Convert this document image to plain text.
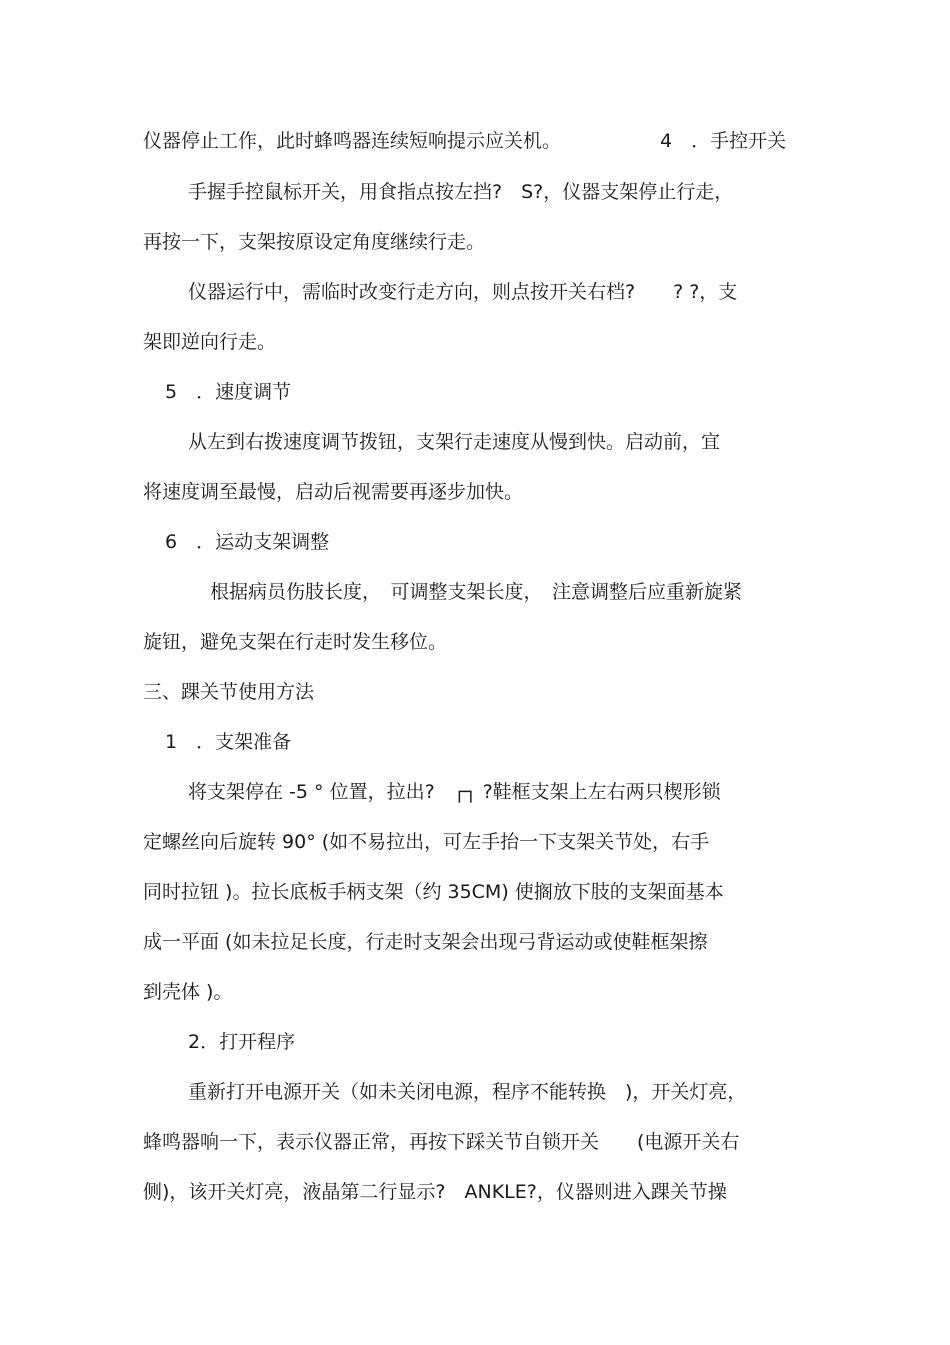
仪器停止工作，此时蜂鸣器连续短响提示应关机。	4　．手控开关

手握手控鼠标开关，用食指点按左挡?　S?，仪器支架停止行走，

再按一下，支架按原设定角度继续行走。

仪器运行中，需临时改变行走方向，则点按开关右档?　　? ?，支

架即逆向行走。

5　．速度调节

从左到右拨速度调节拨钮，支架行走速度从慢到快。启动前，宜

将速度调至最慢，启动后视需要再逐步加快。

6　．运动支架调整

根据病员伤肢长度，　可调整支架长度，　注意调整后应重新旋紧

旋钮，避免支架在行走时发生移位。

三、踝关节使用方法

1　．支架准备

将支架停在 -5 ° 位置，拉出?　┌┐ ?鞋框支架上左右两只楔形锁

定螺丝向后旋转 90° (如不易拉出，可左手抬一下支架关节处，右手

同时拉钮 )。拉长底板手柄支架（约 35CM) 使搁放下肢的支架面基本

成一平面 (如未拉足长度，行走时支架会出现弓背运动或使鞋框架擦

到壳体 )。

2．打开程序

重新打开电源开关（如未关闭电源，程序不能转换　)，开关灯亮，

蜂鸣器响一下，表示仪器正常，再按下踩关节自锁开关　　(电源开关右

侧)，该开关灯亮，液晶第二行显示?　ANKLE?，仪器则进入踝关节操
